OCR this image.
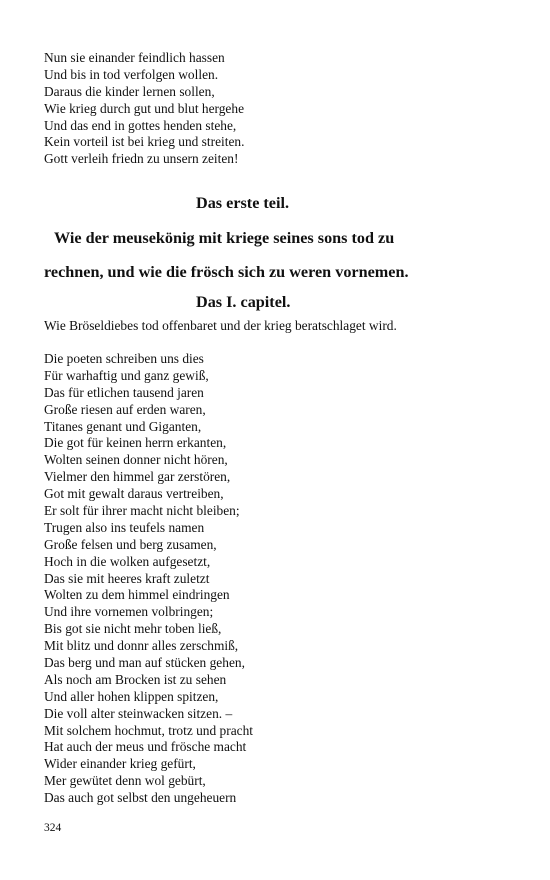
Nun sie einander feindlich hassen
Und bis in tod verfolgen wollen.
Daraus die kinder lernen sollen,
Wie krieg durch gut und blut hergehe
Und das end in gottes henden stehe,
Kein vorteil ist bei krieg und streiten.
Gott verleih friedn zu unsern zeiten!
Das erste teil.
Wie der meusekönig mit kriege seines sons tod zu
rechnen, und wie die frösch sich zu weren vornemen.
Das I. capitel.
Wie Bröseldiebes tod offenbaret und der krieg beratschlaget wird.
Die poeten schreiben uns dies
Für warhaftig und ganz gewiß,
Das für etlichen tausend jaren
Große riesen auf erden waren,
Titanes genant und Giganten,
Die got für keinen herrn erkanten,
Wolten seinen donner nicht hören,
Vielmer den himmel gar zerstören,
Got mit gewalt daraus vertreiben,
Er solt für ihrer macht nicht bleiben;
Trugen also ins teufels namen
Große felsen und berg zusamen,
Hoch in die wolken aufgesetzt,
Das sie mit heeres kraft zuletzt
Wolten zu dem himmel eindringen
Und ihre vornemen volbringen;
Bis got sie nicht mehr toben ließ,
Mit blitz und donnr alles zerschmiß,
Das berg und man auf stücken gehen,
Als noch am Brocken ist zu sehen
Und aller hohen klippen spitzen,
Die voll alter steinwacken sitzen. –
Mit solchem hochmut, trotz und pracht
Hat auch der meus und frösche macht
Wider einander krieg gefürt,
Mer gewütet denn wol gebürt,
Das auch got selbst den ungeheuern
324
